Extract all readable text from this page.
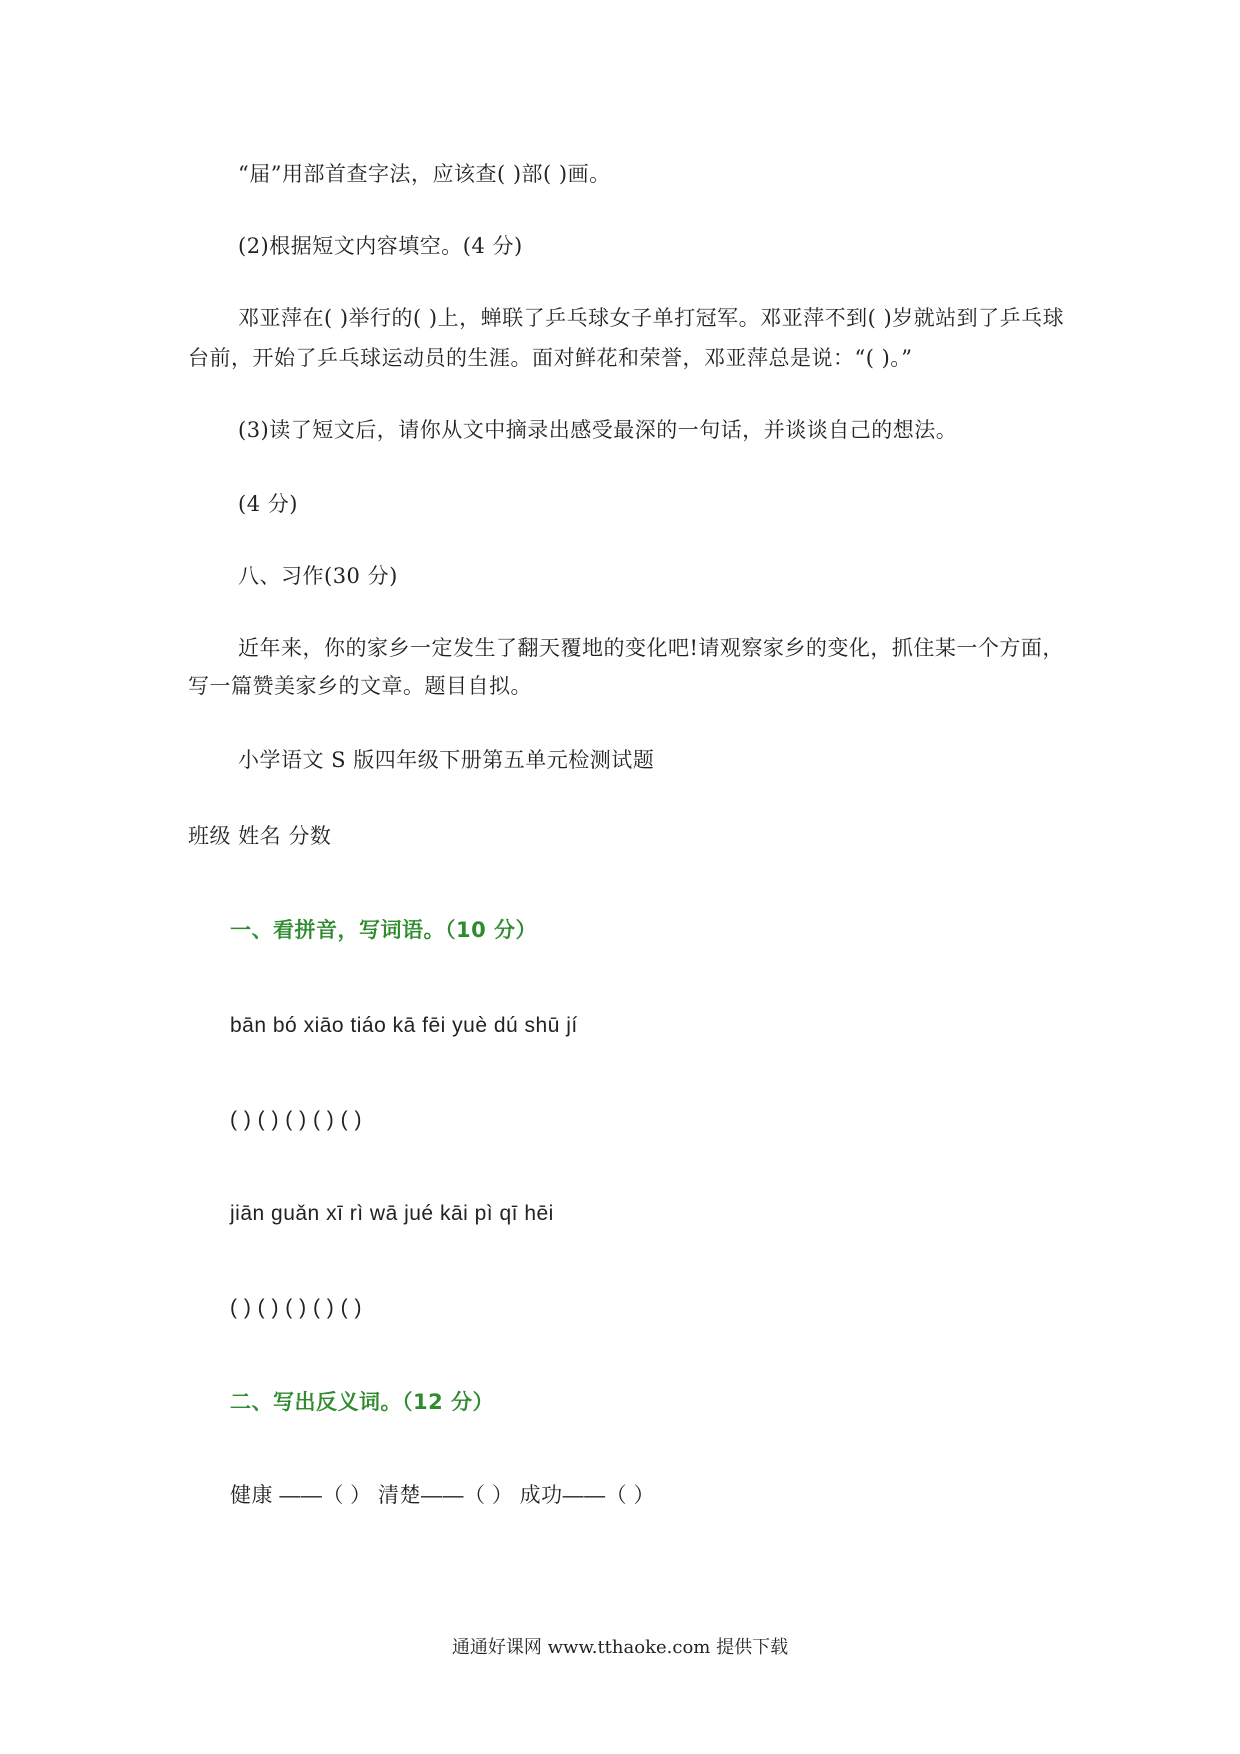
“届”用部首查字法，应该查( )部( )画。
(2)根据短文内容填空。(4 分)
邓亚萍在( )举行的( )上，蝉联了乒乓球女子单打冠军。邓亚萍不到( )岁就站到了乒乓球
台前，开始了乒乓球运动员的生涯。面对鲜花和荣誉，邓亚萍总是说：“( )。”
(3)读了短文后，请你从文中摘录出感受最深的一句话，并谈谈自己的想法。
(4 分)
八、习作(30 分)
近年来，你的家乡一定发生了翻天覆地的变化吧!请观察家乡的变化，抓住某一个方面，
写一篇赞美家乡的文章。题目自拟。
小学语文 S 版四年级下册第五单元检测试题
班级 姓名 分数
一、看拼音，写词语。（10 分）
bān bó xiāo tiáo kā fēi yuè dú shū jí
( ) ( ) ( ) ( ) ( )
jiān ɡuǎn xī rì wā jué kāi pì qī hēi
( ) ( ) ( ) ( ) ( )
二、写出反义词。（12 分）
健康 ——（ ） 清楚——（ ） 成功——（ ）
通通好课网 www.tthaoke.com 提供下载
